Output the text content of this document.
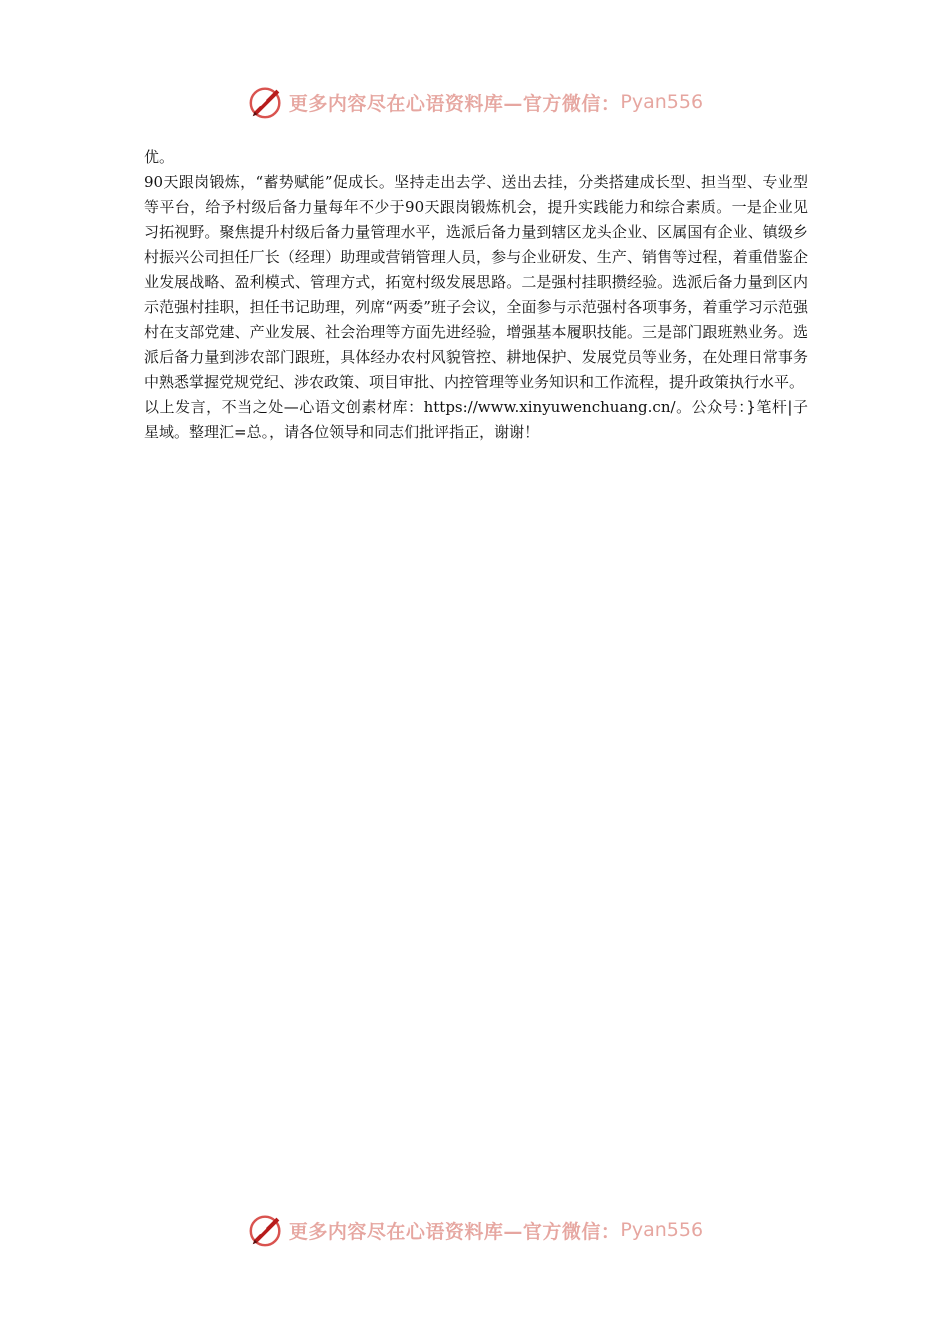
更多内容尽在心语资料库—官方微信： Pyan556

优。

90天跟岗锻炼，“蓄势赋能”促成长。坚持走出去学、送出去挂，分类搭建成长型、担当型、专业型等平台，给予村级后备力量每年不少于90天跟岗锻炼机会，提升实践能力和综合素质。一是企业见习拓视野。聚焦提升村级后备力量管理水平，选派后备力量到辖区龙头企业、区属国有企业、镇级乡村振兴公司担任厂长（经理）助理或营销管理人员，参与企业研发、生产、销售等过程，着重借鉴企业发展战略、盈利模式、管理方式，拓宽村级发展思路。二是强村挂职攒经验。选派后备力量到区内示范强村挂职，担任书记助理，列席“两委”班子会议，全面参与示范强村各项事务，着重学习示范强村在支部党建、产业发展、社会治理等方面先进经验，增强基本履职技能。三是部门跟班熟业务。选派后备力量到涉农部门跟班，具体经办农村风貌管控、耕地保护、发展党员等业务，在处理日常事务中熟悉掌握党规党纪、涉农政策、项目审批、内控管理等业务知识和工作流程，提升政策执行水平。

以上发言，不当之处—心语文创素材库：https://www.xinyuwenchuang.cn/。公众号：}笔杆|子星域。整理汇=总。，请各位领导和同志们批评指正，谢谢！

更多内容尽在心语资料库—官方微信： Pyan556
